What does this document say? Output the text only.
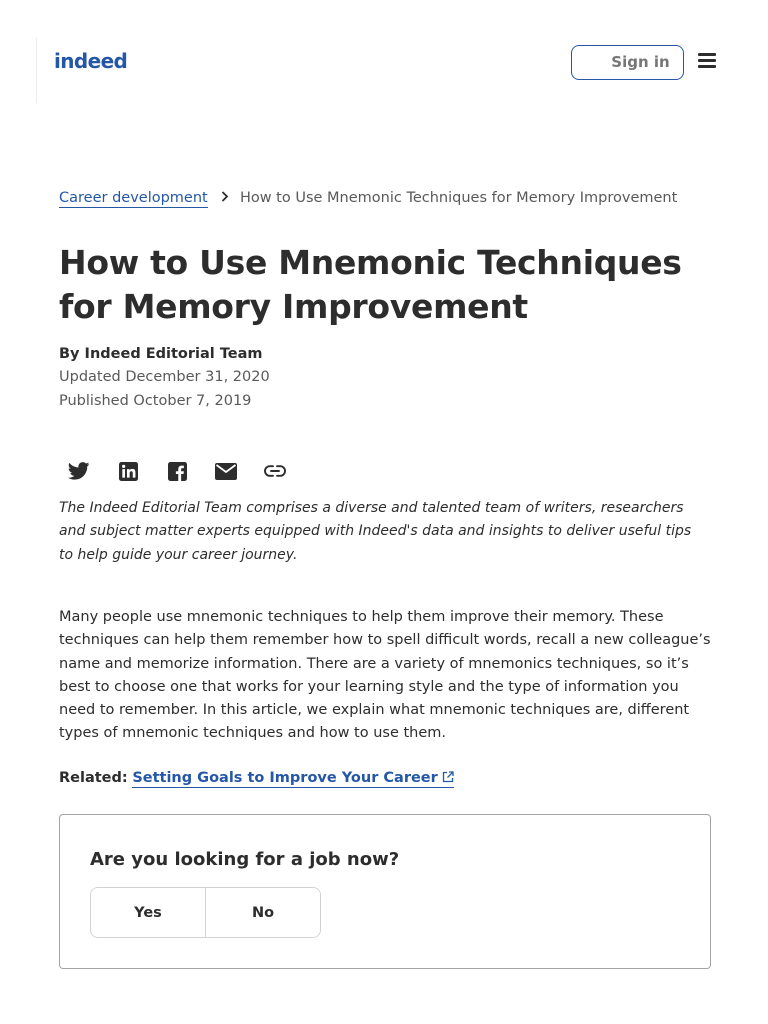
indeed	Sign in
Career development How to Use Mnemonic Techniques for Memory Improvement
How to Use Mnemonic Techniques for Memory Improvement
By Indeed Editorial Team
Updated December 31, 2020
Published October 7, 2019

The Indeed Editorial Team comprises a diverse and talented team of writers, researchers and subject matter experts equipped with Indeed's data and insights to deliver useful tips to help guide your career journey.

Many people use mnemonic techniques to help them improve their memory. These techniques can help them remember how to spell difficult words, recall a new colleague’s name and memorize information. There are a variety of mnemonics techniques, so it’s best to choose one that works for your learning style and the type of information you need to remember. In this article, we explain what mnemonic techniques are, different types of mnemonic techniques and how to use them.

Related: Setting Goals to Improve Your Career
Are you looking for a job now?
Yes	No
